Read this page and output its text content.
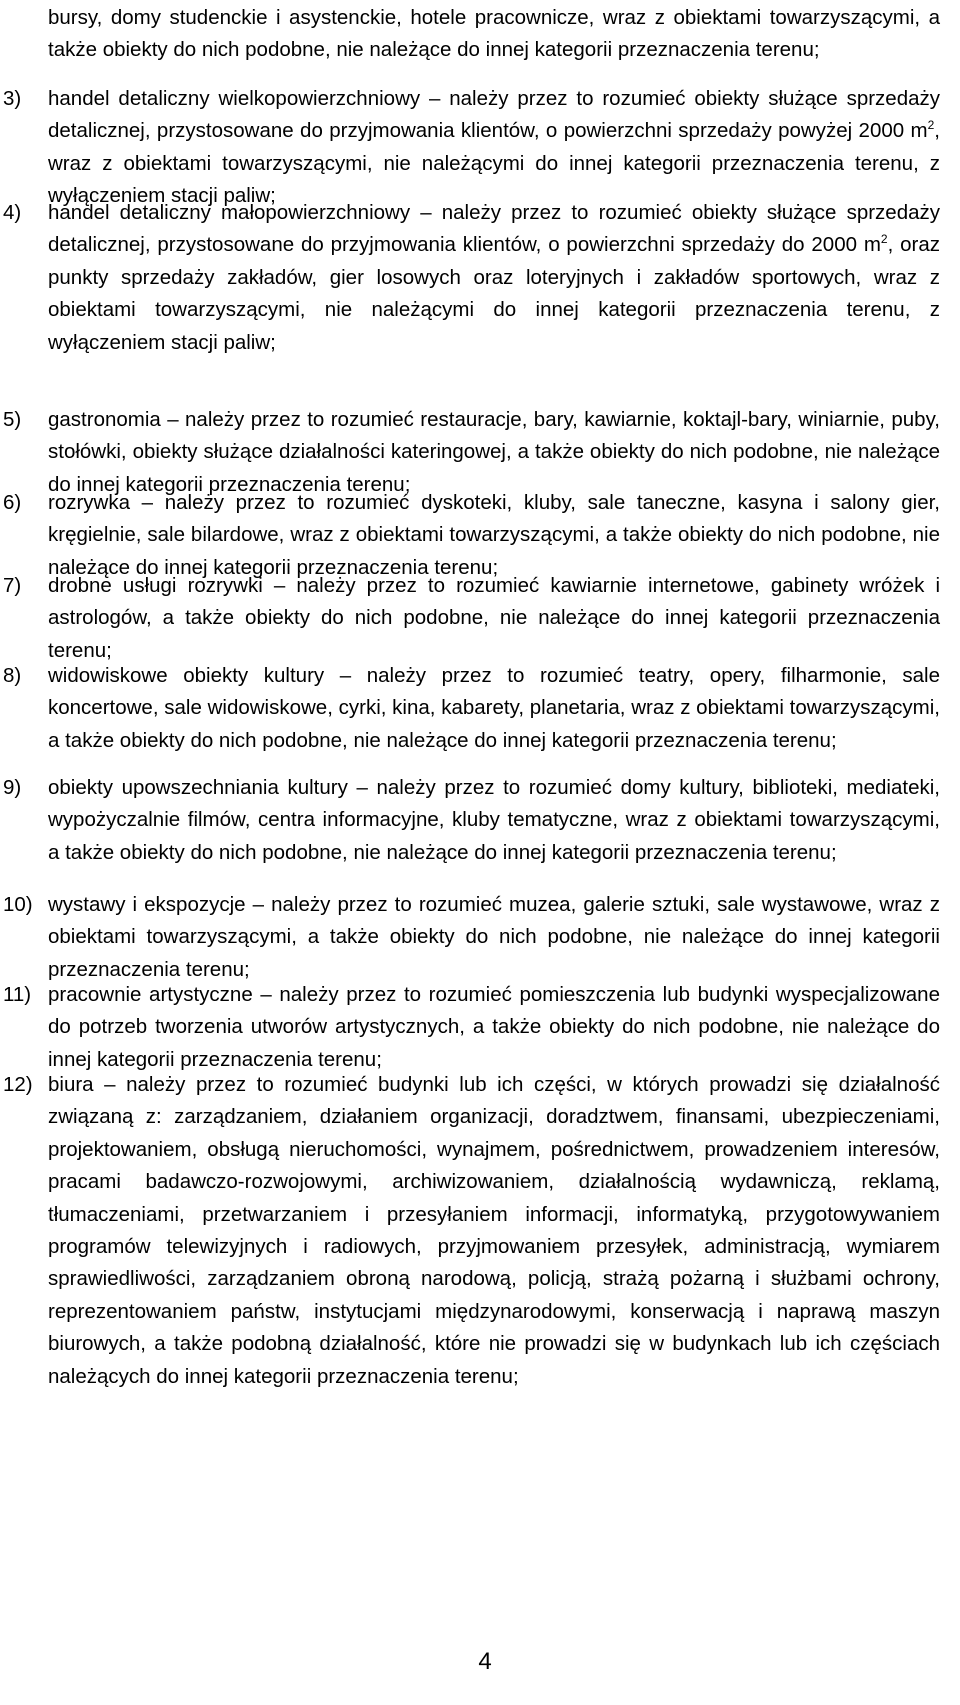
bursy, domy studenckie i asystenckie, hotele pracownicze, wraz z obiektami towarzyszącymi, a także obiekty do nich podobne, nie należące do innej kategorii przeznaczenia terenu;
3)	handel detaliczny wielkopowierzchniowy – należy przez to rozumieć obiekty służące sprzedaży detalicznej, przystosowane do przyjmowania klientów, o powierzchni sprzedaży powyżej 2000 $m^2$, wraz z obiektami towarzyszącymi, nie należącymi do innej kategorii przeznaczenia terenu, z wyłączeniem stacji paliw;
4)	handel detaliczny małopowierzchniowy – należy przez to rozumieć obiekty służące sprzedaży detalicznej, przystosowane do przyjmowania klientów, o powierzchni sprzedaży do 2000 $m^2$, oraz punkty sprzedaży zakładów, gier losowych oraz loteryjnych i zakładów sportowych, wraz z obiektami towarzyszącymi, nie należącymi do innej kategorii przeznaczenia terenu, z wyłączeniem stacji paliw;
5)	gastronomia – należy przez to rozumieć restauracje, bary, kawiarnie, koktajl-bary, winiarnie, puby, stołówki, obiekty służące działalności kateringowej, a także obiekty do nich podobne, nie należące do innej kategorii przeznaczenia terenu;
6)	rozrywka – należy przez to rozumieć dyskoteki, kluby, sale taneczne, kasyna i salony gier, kręgielnie, sale bilardowe, wraz z obiektami towarzyszącymi, a także obiekty do nich podobne, nie należące do innej kategorii przeznaczenia terenu;
7)	drobne usługi rozrywki – należy przez to rozumieć kawiarnie internetowe, gabinety wróżek i astrologów, a także obiekty do nich podobne, nie należące do innej kategorii przeznaczenia terenu;
8)	widowiskowe obiekty kultury – należy przez to rozumieć teatry, opery, filharmonie, sale koncertowe, sale widowiskowe, cyrki, kina, kabarety, planetaria, wraz z obiektami towarzyszącymi, a także obiekty do nich podobne, nie należące do innej kategorii przeznaczenia terenu;
9)	obiekty upowszechniania kultury – należy przez to rozumieć domy kultury, biblioteki, mediateki, wypożyczalnie filmów, centra informacyjne, kluby tematyczne, wraz z obiektami towarzyszącymi, a także obiekty do nich podobne, nie należące do innej kategorii przeznaczenia terenu;
10) wystawy i ekspozycje – należy przez to rozumieć muzea, galerie sztuki, sale wystawowe, wraz z obiektami towarzyszącymi, a także obiekty do nich podobne, nie należące do innej kategorii przeznaczenia terenu;
11) pracownie artystyczne – należy przez to rozumieć pomieszczenia lub budynki wyspecjalizowane do potrzeb tworzenia utworów artystycznych, a także obiekty do nich podobne, nie należące do innej kategorii przeznaczenia terenu;
12) biura – należy przez to rozumieć budynki lub ich części, w których prowadzi się działalność związaną z: zarządzaniem, działaniem organizacji, doradztwem, finansami, ubezpieczeniami, projektowaniem, obsługą nieruchomości, wynajmem, pośrednictwem, prowadzeniem interesów, pracami badawczo-rozwojowymi, archiwizowaniem, działalnością wydawniczą, reklamą, tłumaczeniami, przetwarzaniem i przesyłaniem informacji, informatyką, przygotowywaniem programów telewizyjnych i radiowych, przyjmowaniem przesyłek, administracją, wymiarem sprawiedliwości, zarządzaniem obroną narodową, policją, strażą pożarną i służbami ochrony, reprezentowaniem państw, instytucjami międzynarodowymi, konserwacją i naprawą maszyn biurowych, a także podobną działalność, które nie prowadzi się w budynkach lub ich częściach należących do innej kategorii przeznaczenia terenu;
4
